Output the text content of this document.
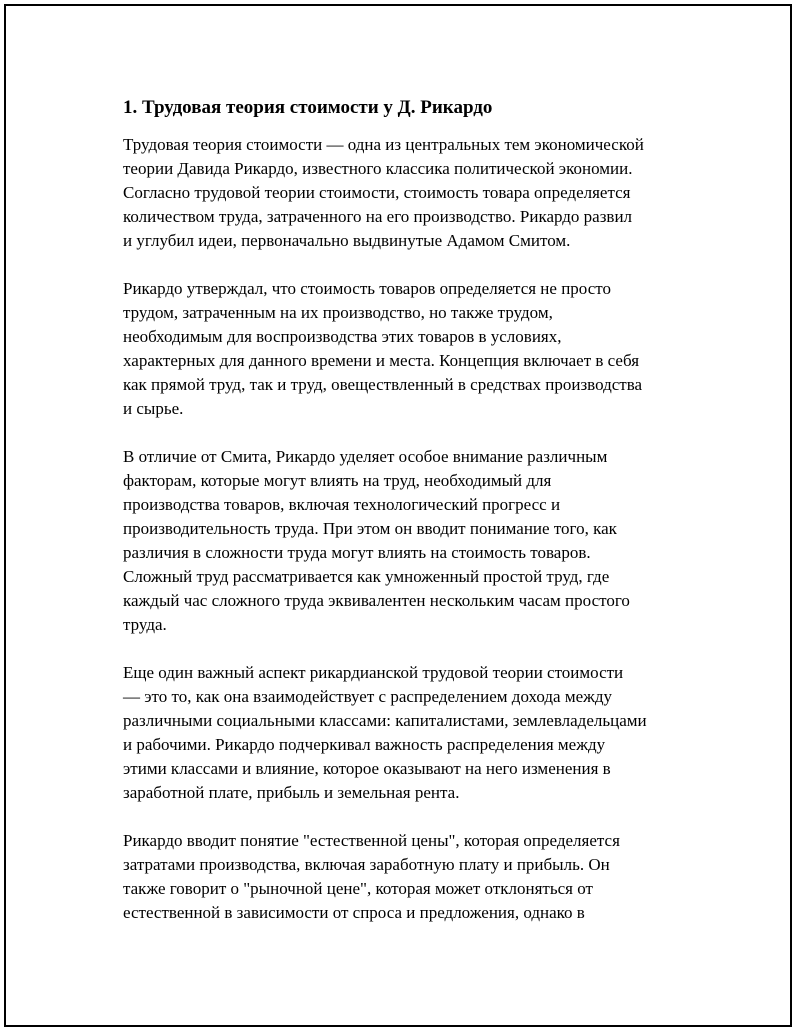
1. Трудовая теория стоимости у Д. Рикардо

Трудовая теория стоимости — одна из центральных тем экономической
теории Давида Рикардо, известного классика политической экономии.
Согласно трудовой теории стоимости, стоимость товара определяется
количеством труда, затраченного на его производство. Рикардо развил
и углубил идеи, первоначально выдвинутые Адамом Смитом.

Рикардо утверждал, что стоимость товаров определяется не просто
трудом, затраченным на их производство, но также трудом,
необходимым для воспроизводства этих товаров в условиях,
характерных для данного времени и места. Концепция включает в себя
как прямой труд, так и труд, овеществленный в средствах производства
и сырье.

В отличие от Смита, Рикардо уделяет особое внимание различным
факторам, которые могут влиять на труд, необходимый для
производства товаров, включая технологический прогресс и
производительность труда. При этом он вводит понимание того, как
различия в сложности труда могут влиять на стоимость товаров.
Сложный труд рассматривается как умноженный простой труд, где
каждый час сложного труда эквивалентен нескольким часам простого
труда.

Еще один важный аспект рикардианской трудовой теории стоимости
— это то, как она взаимодействует с распределением дохода между
различными социальными классами: капиталистами, землевладельцами
и рабочими. Рикардо подчеркивал важность распределения между
этими классами и влияние, которое оказывают на него изменения в
заработной плате, прибыль и земельная рента.

Рикардо вводит понятие "естественной цены", которая определяется
затратами производства, включая заработную плату и прибыль. Он
также говорит о "рыночной цене", которая может отклоняться от
естественной в зависимости от спроса и предложения, однако в
